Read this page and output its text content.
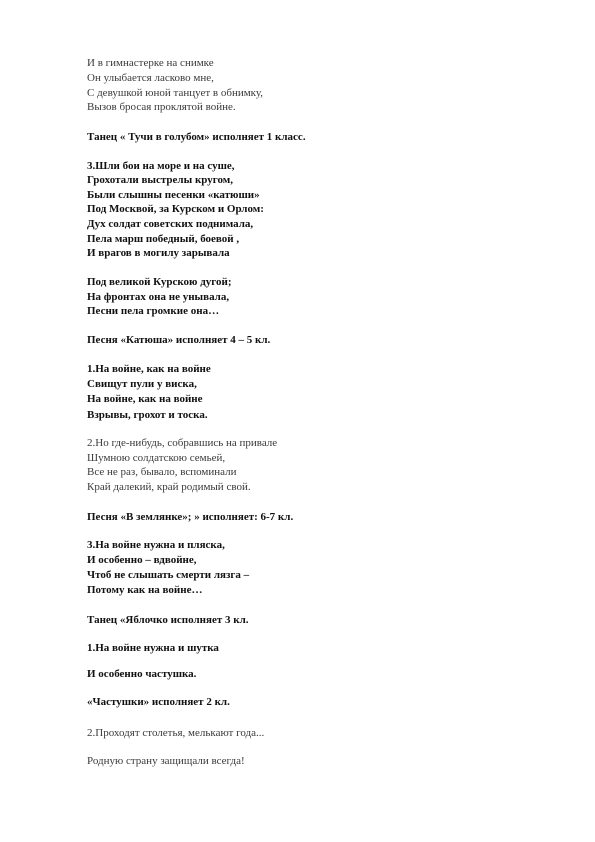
И в гимнастерке на снимке
Он улыбается ласково мне,
С девушкой юной танцует в обнимку,
Вызов бросая проклятой войне.
Танец « Тучи в голубом» исполняет 1 класс.
3.Шли бои на море и на суше,
Грохотали выстрелы кругом,
Были слышны песенки «катюши»
Под Москвой, за Курском и Орлом:
Дух солдат советских поднимала,
Пела марш победный, боевой ,
И врагов в могилу зарывала
Под великой Курскою дугой;
На фронтах она не унывала,
Песни пела громкие она…
Песня «Катюша» исполняет 4 – 5 кл.
1.На войне, как на войне
Свищут пули у виска,
На войне, как на войне
Взрывы, грохот и тоска.
2.Но где-нибудь, собравшись на привале
Шумною солдатскою семьей,
Все не раз, бывало, вспоминали
Край далекий, край родимый свой.
Песня «В землянке»; » исполняет: 6-7 кл.
3.На войне нужна и пляска,
И особенно – вдвойне,
Чтоб не слышать смерти лязга –
Потому как на войне…
Танец «Яблочко исполняет 3 кл.
1.На войне нужна и шутка
И особенно частушка.
«Частушки» исполняет 2 кл.
2.Проходят столетья, мелькают года...
Родную страну защищали всегда!
